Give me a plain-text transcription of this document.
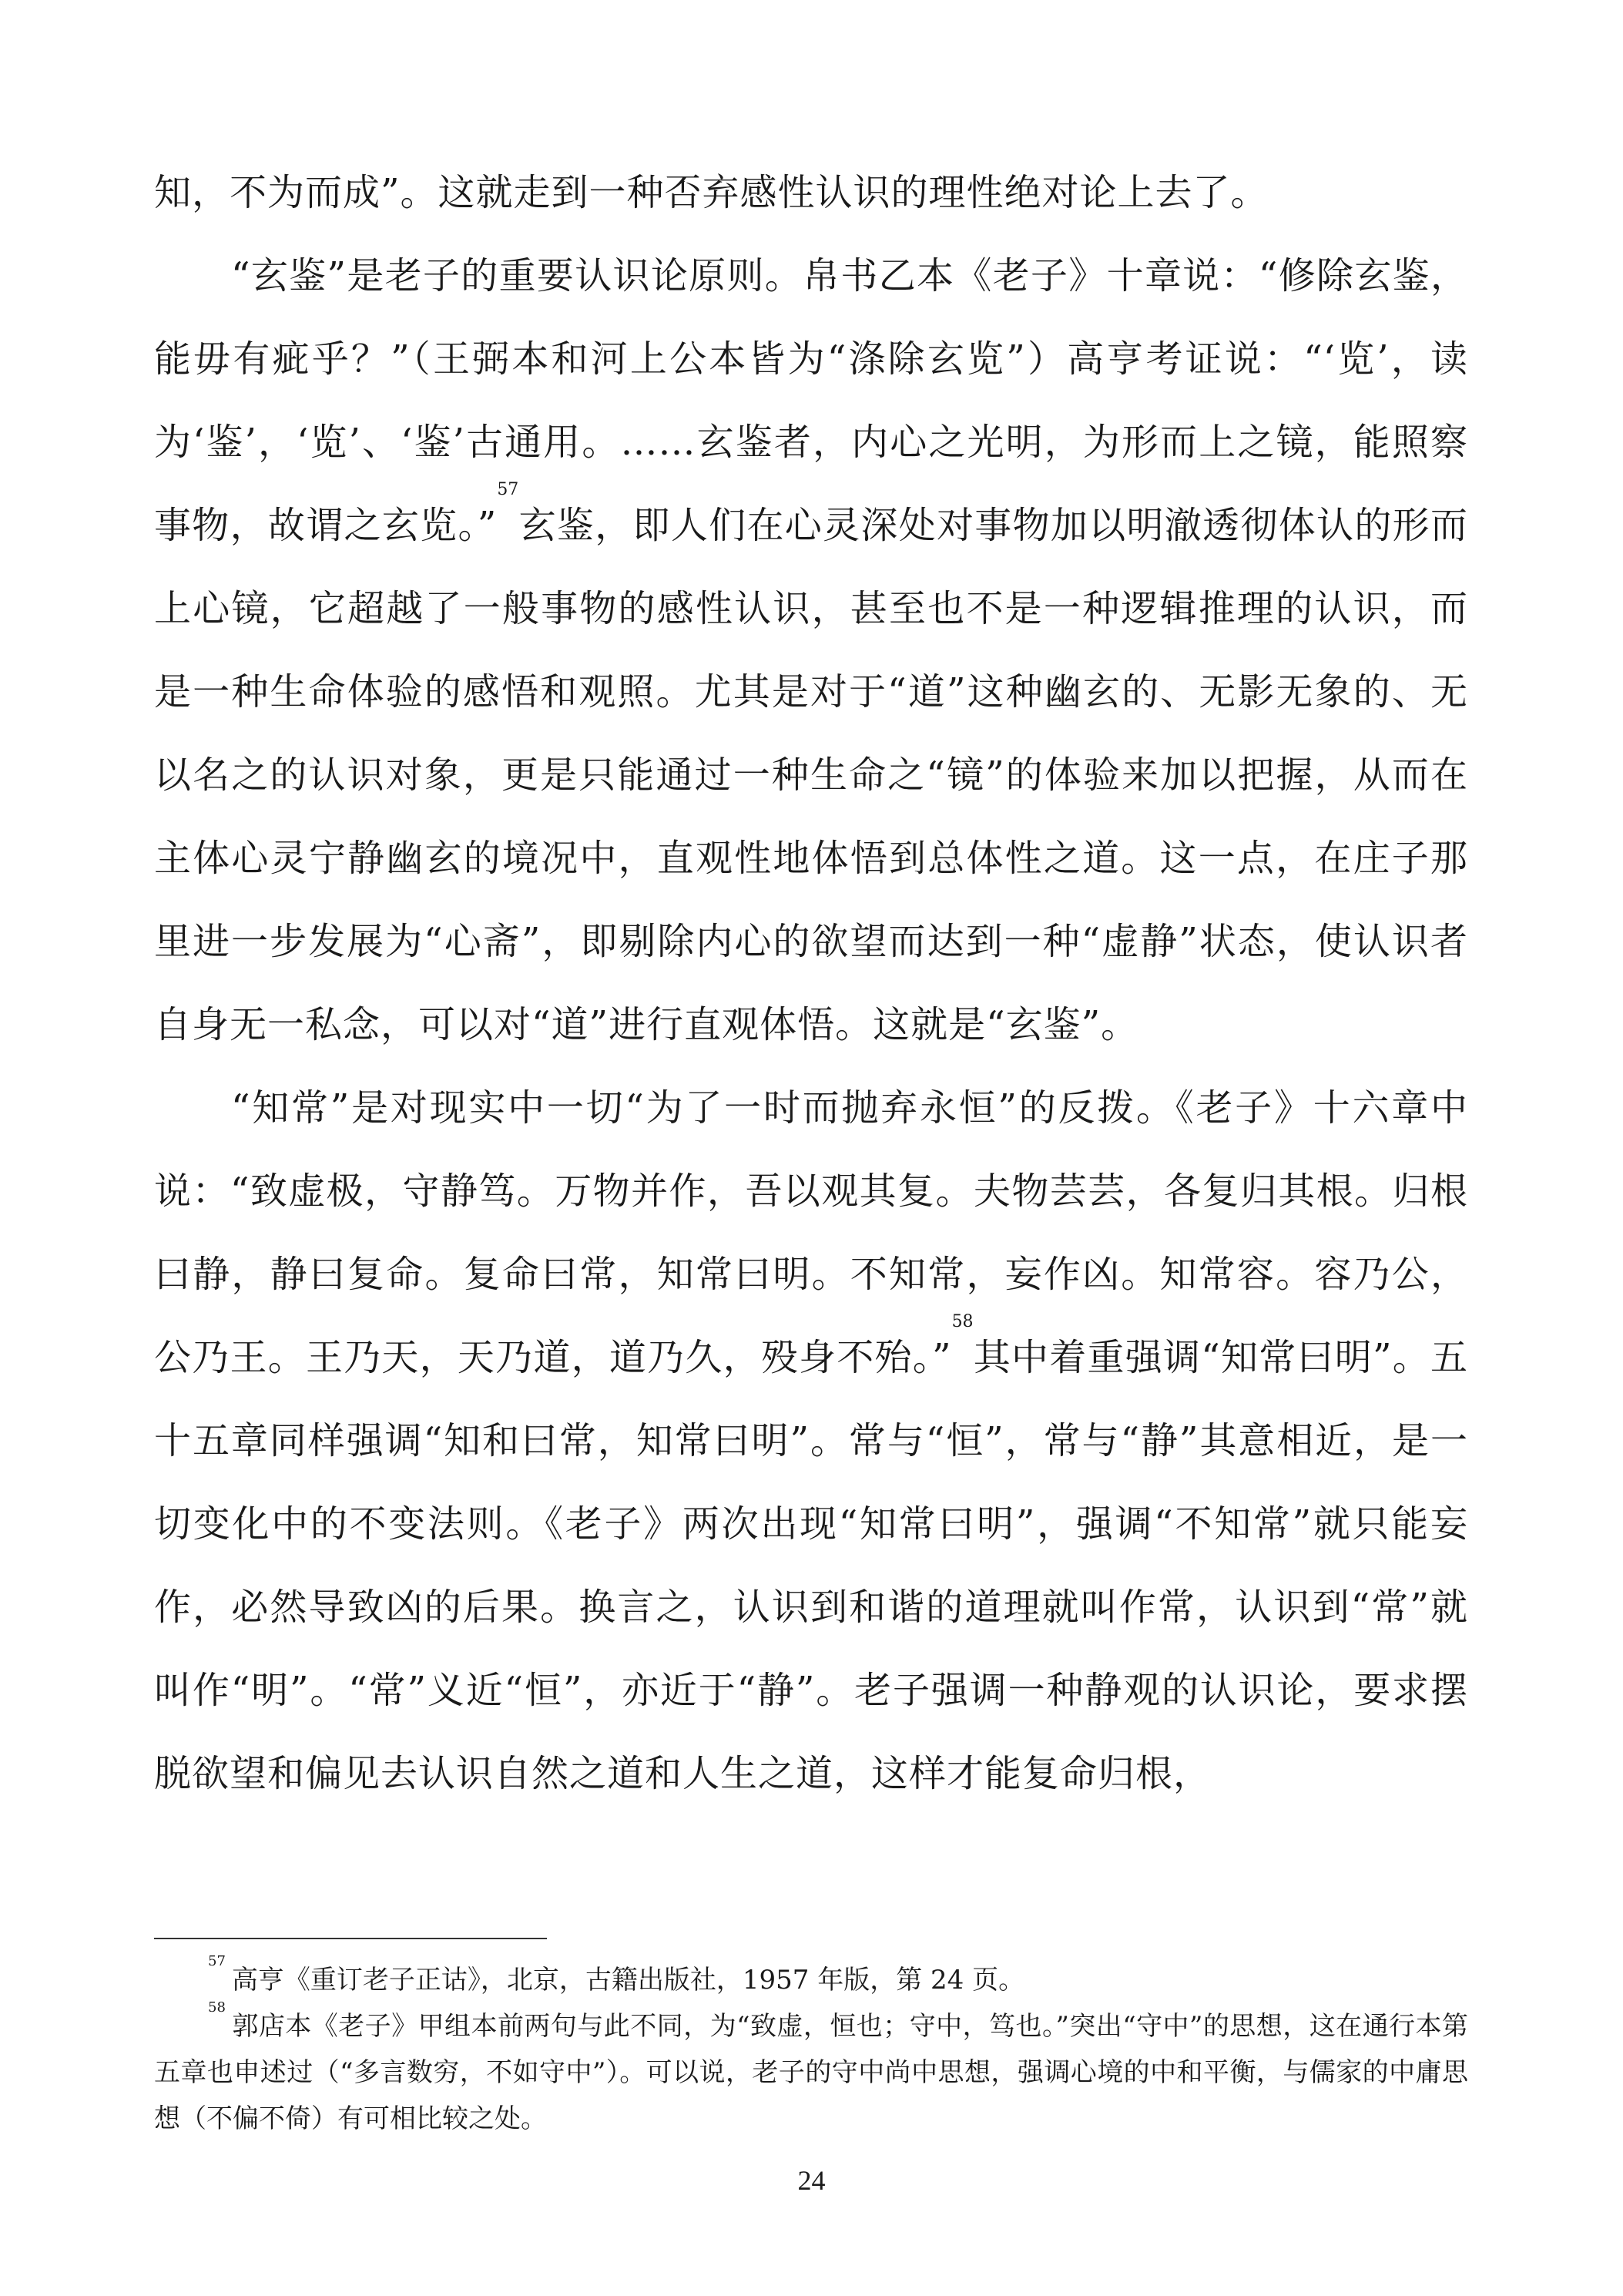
知，不为而成”。这就走到一种否弃感性认识的理性绝对论上去了。

“玄鉴”是老子的重要认识论原则。帛书乙本《老子》十章说：“修除玄鉴，能毋有疵乎？”（王弼本和河上公本皆为“涤除玄览”）高亨考证说：“‘览’，读为‘鉴’，‘览’、‘鉴’古通用。……玄鉴者，内心之光明，为形而上之镜，能照察事物，故谓之玄览。”$^{57}$玄鉴，即人们在心灵深处对事物加以明澈透彻体认的形而上心镜，它超越了一般事物的感性认识，甚至也不是一种逻辑推理的认识，而是一种生命体验的感悟和观照。尤其是对于“道”这种幽玄的、无影无象的、无以名之的认识对象，更是只能通过一种生命之“镜”的体验来加以把握，从而在主体心灵宁静幽玄的境况中，直观性地体悟到总体性之道。这一点，在庄子那里进一步发展为“心斋”，即剔除内心的欲望而达到一种“虚静”状态，使认识者自身无一私念，可以对“道”进行直观体悟。这就是“玄鉴”。

“知常”是对现实中一切“为了一时而抛弃永恒”的反拨。《老子》十六章中说：“致虚极，守静笃。万物并作，吾以观其复。夫物芸芸，各复归其根。归根曰静，静曰复命。复命曰常，知常曰明。不知常，妄作凶。知常容。容乃公，公乃王。王乃天，天乃道，道乃久，殁身不殆。”$^{58}$其中着重强调“知常曰明”。五十五章同样强调“知和曰常，知常曰明”。常与“恒”，常与“静”其意相近，是一切变化中的不变法则。《老子》两次出现“知常曰明”，强调“不知常”就只能妄作，必然导致凶的后果。换言之，认识到和谐的道理就叫作常，认识到“常”就叫作“明”。“常”义近“恒”，亦近于“静”。老子强调一种静观的认识论，要求摆脱欲望和偏见去认识自然之道和人生之道，这样才能复命归根，

$^{57}$高亨《重订老子正诂》，北京，古籍出版社，1957 年版，第 24 页。

$^{58}$郭店本《老子》甲组本前两句与此不同，为“致虚，恒也；守中，笃也。”突出“守中”的思想，这在通行本第五章也申述过（“多言数穷，不如守中”）。可以说，老子的守中尚中思想，强调心境的中和平衡，与儒家的中庸思想（不偏不倚）有可相比较之处。

24
